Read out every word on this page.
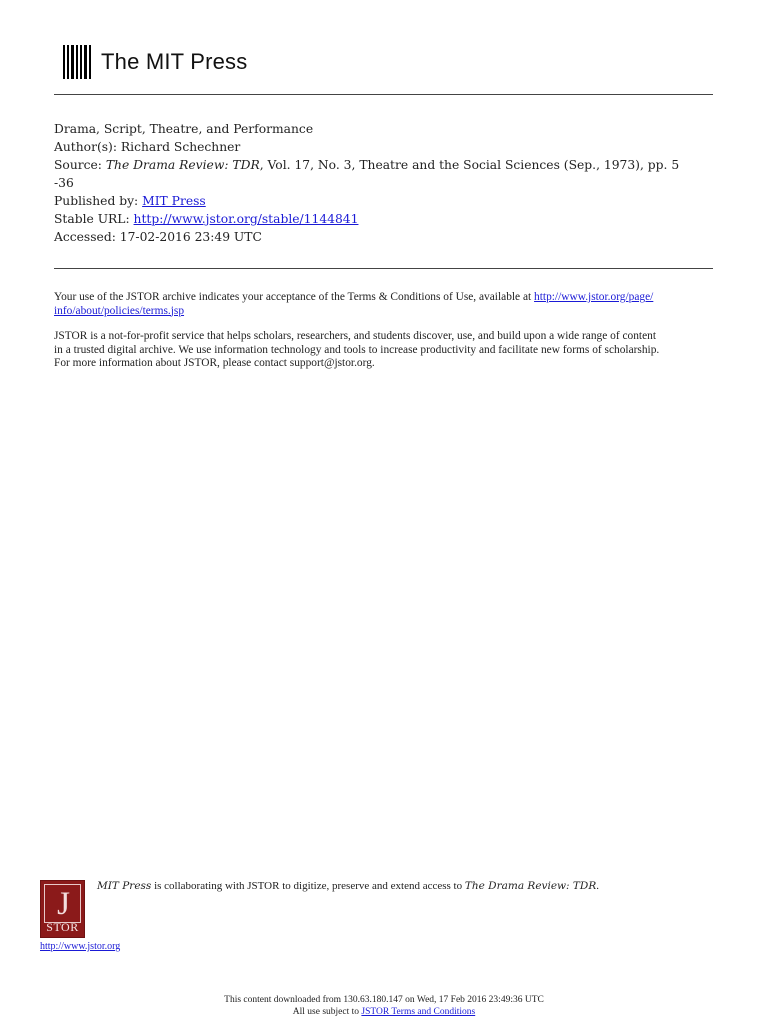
The MIT Press
Drama, Script, Theatre, and Performance
Author(s): Richard Schechner
Source: The Drama Review: TDR, Vol. 17, No. 3, Theatre and the Social Sciences (Sep., 1973), pp. 5
-36
Published by: MIT Press
Stable URL: http://www.jstor.org/stable/1144841
Accessed: 17-02-2016 23:49 UTC

Your use of the JSTOR archive indicates your acceptance of the Terms & Conditions of Use, available at http://www.jstor.org/page/
info/about/policies/terms.jsp

JSTOR is a not-for-profit service that helps scholars, researchers, and students discover, use, and build upon a wide range of content
in a trusted digital archive. We use information technology and tools to increase productivity and facilitate new forms of scholarship.
For more information about JSTOR, please contact support@jstor.org.

J
STOR
http://www.jstor.org
MIT Press is collaborating with JSTOR to digitize, preserve and extend access to The Drama Review: TDR.
This content downloaded from 130.63.180.147 on Wed, 17 Feb 2016 23:49:36 UTC
All use subject to JSTOR Terms and Conditions
